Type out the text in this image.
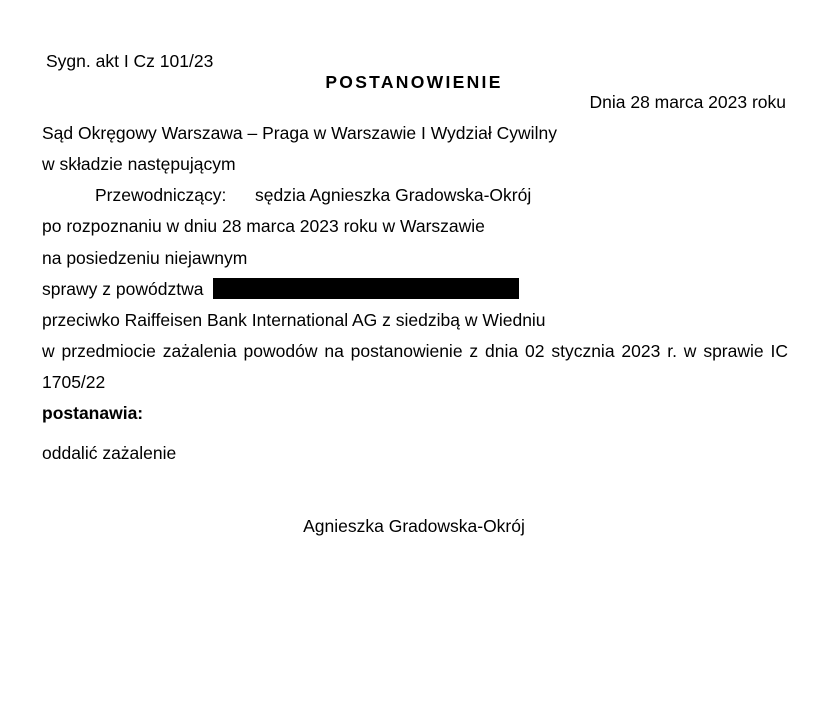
Sygn. akt I Cz 101/23
POSTANOWIENIE
Dnia 28 marca 2023 roku
Sąd Okręgowy Warszawa – Praga w Warszawie I Wydział Cywilny
w składzie następującym
Przewodniczący: sędzia Agnieszka Gradowska-Okrój
po rozpoznaniu w dniu 28 marca 2023 roku w Warszawie
na posiedzeniu niejawnym
sprawy z powództwa
przeciwko Raiffeisen Bank International AG z siedzibą w Wiedniu
w przedmiocie zażalenia powodów na postanowienie z dnia 02 stycznia 2023 r. w sprawie IC 1705/22
postanawia:
oddalić zażalenie
Agnieszka Gradowska-Okrój
